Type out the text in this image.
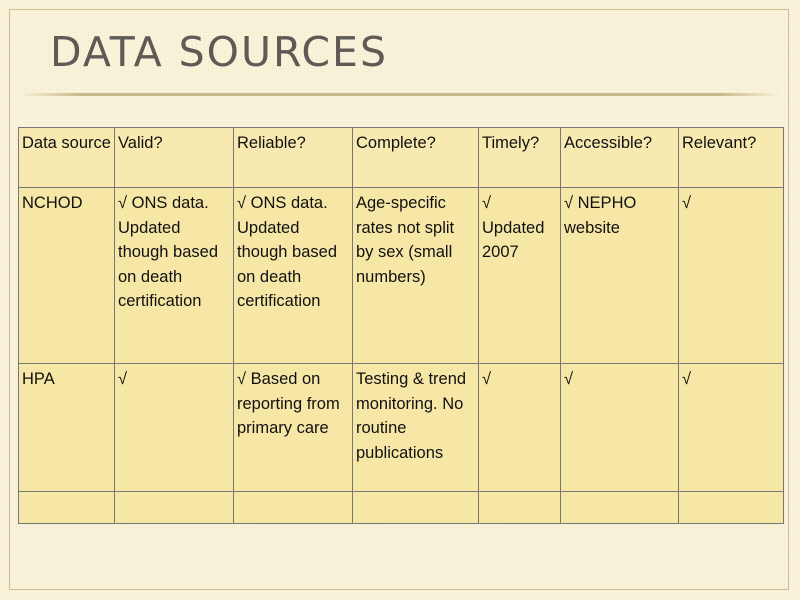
DATA SOURCES
Data source	Valid?	Reliable?	Complete?	Timely?	Accessible?	Relevant?
NCHOD	√ ONS data. Updated though based on death certification	√ ONS data. Updated though based on death certification	Age-specific rates not split by sex (small numbers)	√ Updated 2007	√ NEPHO website	√
HPA	√	√ Based on reporting from primary care	Testing & trend monitoring. No routine publications	√	√	√
